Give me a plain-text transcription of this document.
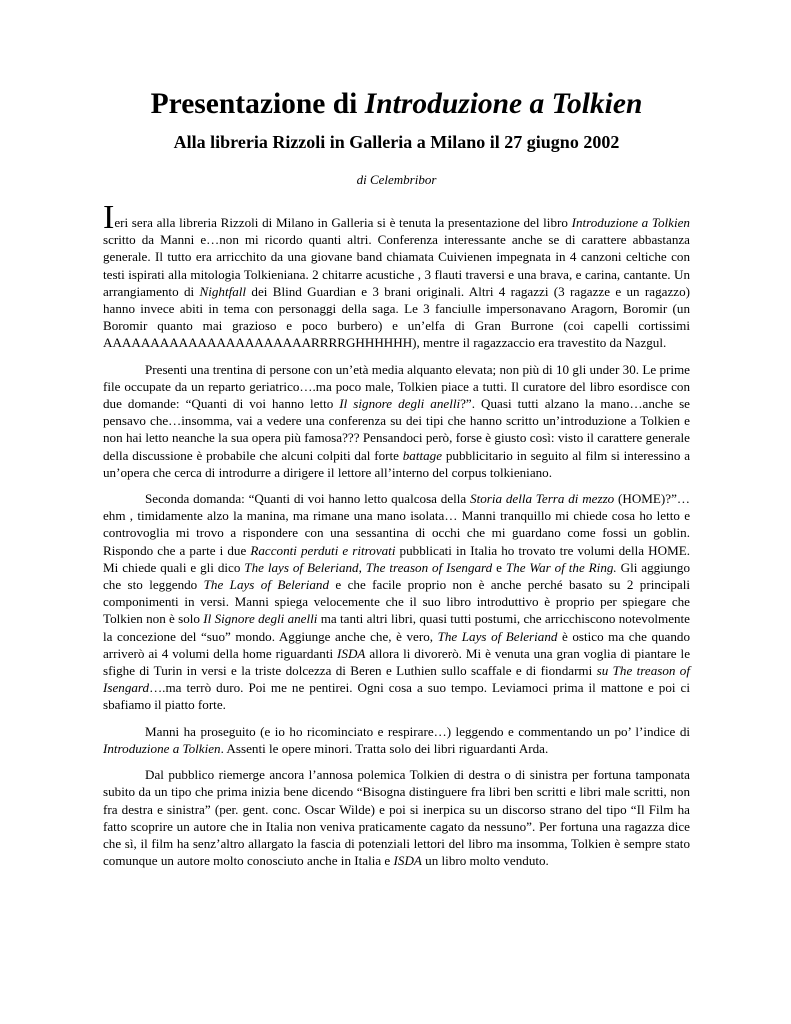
Presentazione di Introduzione a Tolkien
Alla libreria Rizzoli in Galleria a Milano il 27 giugno 2002
di Celembribor

Ieri sera alla libreria Rizzoli di Milano in Galleria si è tenuta la presentazione del libro Introduzione a Tolkien scritto da Manni e…non mi ricordo quanti altri. Conferenza interessante anche se di carattere abbastanza generale. Il tutto era arricchito da una giovane band chiamata Cuivienen impegnata in 4 canzoni celtiche con testi ispirati alla mitologia Tolkieniana. 2 chitarre acustiche , 3 flauti traversi e una brava, e carina, cantante. Un arrangiamento di Nightfall dei Blind Guardian e 3 brani originali. Altri 4 ragazzi (3 ragazze e un ragazzo) hanno invece abiti in tema con personaggi della saga. Le 3 fanciulle impersonavano Aragorn, Boromir (un Boromir quanto mai grazioso e poco burbero) e un’elfa di Gran Burrone (coi capelli cortissimi AAAAAAAAAAAAAAAAAAAAAARRRRGHHHHHH), mentre il ragazzaccio era travestito da Nazgul.

Presenti una trentina di persone con un’età media alquanto elevata; non più di 10 gli under 30. Le prime file occupate da un reparto geriatrico….ma poco male, Tolkien piace a tutti. Il curatore del libro esordisce con due domande: “Quanti di voi hanno letto Il signore degli anelli?”. Quasi tutti alzano la mano…anche se pensavo che…insomma, vai a vedere una conferenza su dei tipi che hanno scritto un’introduzione a Tolkien e non hai letto neanche la sua opera più famosa??? Pensandoci però, forse è giusto così: visto il carattere generale della discussione è probabile che alcuni colpiti dal forte battage pubblicitario in seguito al film si interessino a un’opera che cerca di introdurre a dirigere il lettore all’interno del corpus tolkieniano.

Seconda domanda: “Quanti di voi hanno letto qualcosa della Storia della Terra di mezzo (HOME)?”…ehm , timidamente alzo la manina, ma rimane una mano isolata… Manni tranquillo mi chiede cosa ho letto e controvoglia mi trovo a rispondere con una sessantina di occhi che mi guardano come fossi un goblin. Rispondo che a parte i due Racconti perduti e ritrovati pubblicati in Italia ho trovato tre volumi della HOME. Mi chiede quali e gli dico The lays of Beleriand, The treason of Isengard e The War of the Ring. Gli aggiungo che sto leggendo The Lays of Beleriand e che facile proprio non è anche perché basato su 2 principali componimenti in versi. Manni spiega velocemente che il suo libro introduttivo è proprio per spiegare che Tolkien non è solo Il Signore degli anelli ma tanti altri libri, quasi tutti postumi, che arricchiscono notevolmente la concezione del “suo” mondo. Aggiunge anche che, è vero, The Lays of Beleriand è ostico ma che quando arriverò ai 4 volumi della home riguardanti ISDA allora li divorerò. Mi è venuta una gran voglia di piantare le sfighe di Turin in versi e la triste dolcezza di Beren e Luthien sullo scaffale e di fiondarmi su The treason of Isengard….ma terrò duro. Poi me ne pentirei. Ogni cosa a suo tempo. Leviamoci prima il mattone e poi ci sbafiamo il piatto forte.

Manni ha proseguito (e io ho ricominciato e respirare…) leggendo e commentando un po’ l’indice di Introduzione a Tolkien. Assenti le opere minori. Tratta solo dei libri riguardanti Arda.

Dal pubblico riemerge ancora l’annosa polemica Tolkien di destra o di sinistra per fortuna tamponata subito da un tipo che prima inizia bene dicendo “Bisogna distinguere fra libri ben scritti e libri male scritti, non fra destra e sinistra” (per. gent. conc. Oscar Wilde) e poi si inerpica su un discorso strano del tipo “Il Film ha fatto scoprire un autore che in Italia non veniva praticamente cagato da nessuno”. Per fortuna una ragazza dice che sì, il film ha senz’altro allargato la fascia di potenziali lettori del libro ma insomma, Tolkien è sempre stato comunque un autore molto conosciuto anche in Italia e ISDA un libro molto venduto.
